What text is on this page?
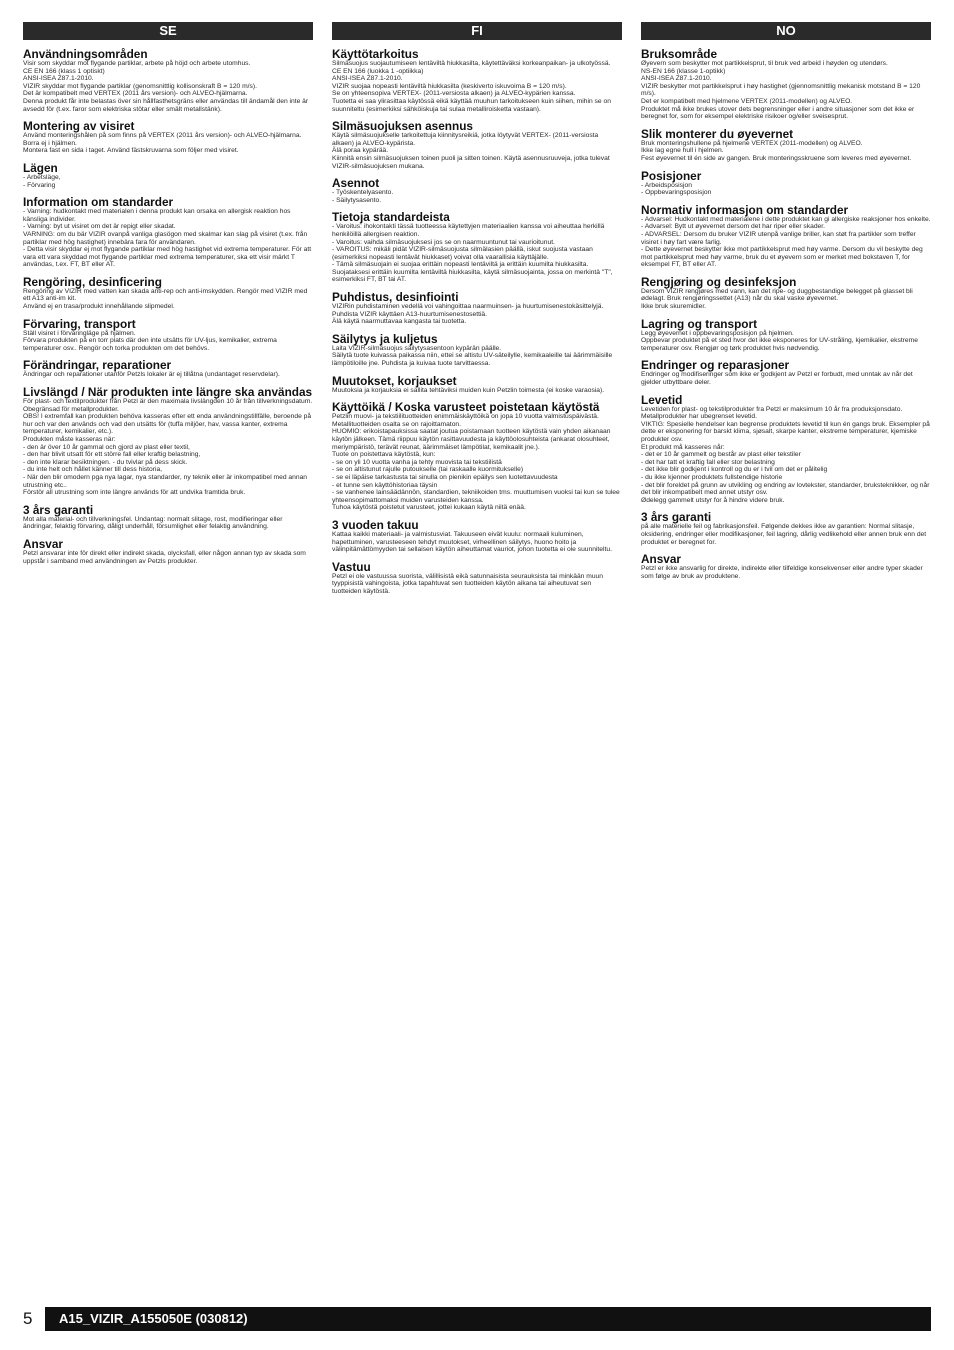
SE
Användningsområden

Visir som skyddar mot flygande partiklar, arbete på höjd och arbete utomhus.
CE EN 166 (klass 1 optiskt)
ANSI-ISEA Z87.1-2010.
VIZIR skyddar mot flygande partiklar (genomsnittlig kollisonskraft B = 120 m/s).
Det är kompatibelt med VERTEX (2011 års version)- och ALVEO-hjälmarna.
Denna produkt får inte belastas över sin hållfasthetsgräns eller användas till ändamål den inte är avsedd för (t.ex. faror som elektriska stötar eller smält metallstänk).

Montering av visiret

Använd monteringshålen på som finns på VERTEX (2011 års version)- och ALVEO-hjälmarna.
Borra ej i hjälmen.
Montera fast en sida i taget. Använd fästskruvarna som följer med visiret.

Lägen

- Arbetsläge,
- Förvaring

Information om standarder

- Varning: hudkontakt med materialen i denna produkt kan orsaka en allergisk reaktion hos känsliga individer.
- Varning: byt ut visiret om det är repigt eller skadat.
VARNING: om du bär VIZIR ovanpå vanliga glasögon med skalmar kan slag på visiret (t.ex. från partiklar med hög hastighet) innebära fara för användaren.
- Detta visir skyddar ej mot flygande partiklar med hög hastighet vid extrema temperaturer. För att vara ett vara skyddad mot flygande partiklar med extrema temperaturer, ska ett visir märkt T användas, t.ex. FT, BT eller AT.

Rengöring, desinficering

Rengöring av VIZIR med vatten kan skada anti-rep och anti-imskydden. Rengör med VIZIR med ett A13 anti-im kit.
Använd ej en trasa/produkt innehållande slipmedel.

Förvaring, transport

Ställ visiret i förvaringläge på hjälmen.
Förvara produkten på en torr plats där den inte utsätts för UV-ljus, kemikalier, extrema temperaturer osv.. Rengör och torka produkten om det behövs.

Förändringar, reparationer

Ändringar och reparationer utanför Petzls lokaler är ej tillåtna (undantaget reservdelar).

Livslängd / När produkten inte längre ska användas

För plast- och textilprodukter från Petzl är den maximala livslängden 10 år från tillverkningsdatum. Obegränsad för metallprodukter.
OBS! I extremfall kan produkten behöva kasseras efter ett enda användningstillfälle, beroende på hur och var den används och vad den utsätts för (tuffa miljöer, hav, vassa kanter, extrema temperaturer, kemikalier, etc.).
Produkten måste kasseras när:
- den är över 10 år gammal och gjord av plast eller textil,
- den har blivit utsatt för ett större fall eller kraftig belastning,
- den inte klarar besiktningen. - du tvivlar på dess skick.
- du inte helt och hållet känner till dess historia,
- När den blir omodern pga nya lagar, nya standarder, ny teknik eller är inkompatibel med annan utrustning etc..
Förstör all utrustning som inte längre används för att undvika framtida bruk.

3 års garanti

Mot alla material- och tillverkningsfel. Undantag: normalt slitage, rost, modifieringar eller ändringar, felaktig förvaring, dåligt underhåll, försumlighet eller felaktig användning.

Ansvar

Petzl ansvarar inte för direkt eller indirekt skada, olycksfall, eller någon annan typ av skada som uppstår i samband med användningen av Petzls produkter.

FI
Käyttötarkoitus

Silmäsuojus suojautumiseen lentäviltä hiukkasilta, käytettäväksi korkeanpaikan- ja ulkotyössä.
CE EN 166 (luokka 1 -optiikka)
ANSI-ISEA Z87.1-2010.
VIZIR suojaa nopeasti lentäviltä hiukkasilta (keskiverto iskuvoima B = 120 m/s).
Se on yhteensopiva VERTEX- (2011-versiosta alkaen) ja ALVEO-kypärien kanssa.
Tuotetta ei saa ylirasittaa käytössä eikä käyttää muuhun tarkoitukseen kuin siihen, mihin se on suunniteltu (esimerkiksi sähköiskuja tai sulaa metalliroisketta vastaan).

Silmäsuojuksen asennus

Käytä silmäsuojukselle tarkoitettuja kiinnitysreikiä, jotka löytyvät VERTEX- (2011-versiosta alkaen) ja ALVEO-kypärista.
Älä poraa kypärää.
Kiinnitä ensin silmäsuojuksen toinen puoli ja sitten toinen. Käytä asennusruuveja, jotka tulevat VIZIR-silmäsuojuksen mukana.

Asennot

- Työskentelyasento.
- Säilytysasento.

Tietoja standardeista

- Varoitus: ihokontakti tässä tuotteessa käytettyjen materiaalien kanssa voi aiheuttaa herkillä henkilöillä allergisen reaktion.
- Varoitus: vaihda silmäsuojuksesi jos se on naarmuuntunut tai vaurioitunut.
- VAROITUS: mikäli pidät VIZIR-silmäsuojusta silmälasien päällä, iskut suojusta vastaan (esimerkiksi nopeasti lentävät hiukkaset) voivat olla vaarallisia käyttäjälle.
- Tämä silmäsuojain ei suojaa erittäin nopeasti lentäviltä ja erittäin kuumilta hiukkasilta. Suojataksesi erittäin kuumilta lentäviltä hiukkasilta, käytä silmäsuojainta, jossa on merkintä "T", esimerkiksi FT, BT tai AT.

Puhdistus, desinfiointi

VIZIRin puhdistaminen vedellä voi vahingoittaa naarmuinsen- ja huurtumisenestokäsittelyjä. Puhdista VIZIR käyttäen A13-huurtumisenestosettiä.
Älä käytä naarmuttavaa kangasta tai tuotetta.

Säilytys ja kuljetus

Laita VIZIR-silmäsuojus säilytysasentoon kypärän päälle.
Säilytä tuote kuivassa paikassa niin, ettei se altistu UV-säteilylle, kemikaaleille tai äärimmäisille lämpötiloille jne. Puhdista ja kuivaa tuote tarvittaessa.

Muutokset, korjaukset

Muutoksia ja korjauksia ei sallita tehtäviksi muiden kuin Petzlin toimesta (ei koske varaosia).

Käyttöikä / Koska varusteet poistetaan käytöstä

Petzlin muovi- ja tekstiilituotteiden enimmäiskäyttöikä on jopa 10 vuotta valmistuspäivästä. Metallituotteiden osalta se on rajoittamaton.
HUOMIO: erikoistapauksissa saatat joutua poistamaan tuotteen käytöstä vain yhden aikanaan käytön jälkeen. Tämä riippuu käytön rasittavuudesta ja käyttöolosuhteista (ankarat olosuhteet, meriympäristö, terävät reunat, äärimmäiset lämpötilat, kemikaalit jne.).
Tuote on poistettava käytöstä, kun:
- se on yli 10 vuotta vanha ja tehty muovista tai tekstiilistä
- se on altistunut rajulle putoukselle (tai raskaalle kuormitukselle)
- se ei läpäise tarkastusta tai sinulla on pienikin epäilys sen luotettavuudesta
- et tunne sen käyttöhistoriaa täysin
- se vanhenee lainsäädännön, standardien, tekniikoiden tms. muuttumisen vuoksi tai kun se tulee yhteensopimattomaksi muiden varusteiden kanssa.
Tuhoa käytöstä poistetut varusteet, jottei kukaan käytä niitä enää.

3 vuoden takuu

Kattaa kaikki materiaali- ja valmistusviat. Takuuseen eivät kuulu: normaali kuluminen, hapettuminen, varusteeseen tehdyt muutokset, virheellinen säilytys, huono hoito ja välinpitämättömyyden tai sellaisen käytön aiheuttamat vauriot, johon tuotetta ei ole suunniteltu.

Vastuu

Petzl ei ole vastuussa suorista, välillisistä eikä satunnaisista seurauksista tai minkään muun tyyppisistä vahingoista, jotka tapahtuvat sen tuotteiden käytön aikana tai aiheutuvat sen tuotteiden käytöstä.

NO
Bruksområde

Øyevern som beskytter mot partikkelsprut, til bruk ved arbeid i høyden og utendørs.
NS-EN 166 (klasse 1-optikk)
ANSI-ISEA Z87.1-2010.
VIZIR beskytter mot partikkelsprut i høy hastighet (gjennomsnittlig mekanisk motstand B = 120 m/s).
Det er kompatibelt med hjelmene VERTEX (2011-modellen) og ALVEO.
Produktet må ikke brukes utover dets begrensninger eller i andre situasjoner som det ikke er beregnet for, som for eksempel elektriske risikoer og/eller sveisesprut.

Slik monterer du øyevernet

Bruk monteringshullene på hjelmene VERTEX (2011-modellen) og ALVEO.
Ikke lag egne hull i hjelmen.
Fest øyevernet til én side av gangen. Bruk monteringsskruene som leveres med øyevernet.

Posisjoner

- Arbeidsposisjon
- Oppbevaringsposisjon

Normativ informasjon om standarder

- Advarsel: Hudkontakt med materialene i dette produktet kan gi allergiske reaksjoner hos enkelte.
- Advarsel: Bytt ut øyevernet dersom det har riper eller skader.
- ADVARSEL: Dersom du bruker VIZIR utenpå vanlige briller, kan støt fra partikler som treffer visiret i høy fart være farlig.
- Dette øyevernet beskytter ikke mot partikkelsprut med høy varme. Dersom du vil beskytte deg mot partikkelsprut med høy varme, bruk du et øyevern som er merket med bokstaven T, for eksempel FT, BT eller AT.

Rengjøring og desinfeksjon

Dersom VIZIR rengjøres med vann, kan det ripe- og duggbestandige belegget på glasset bli ødelagt. Bruk rengjøringssettet (A13) når du skal vaske øyevernet.
Ikke bruk skuremidler.

Lagring og transport

Legg øyevernet i oppbevaringsposisjon på hjelmen.
Oppbevar produktet på et sted hvor det ikke eksponeres for UV-stråling, kjemikalier, ekstreme temperaturer osv. Rengjør og tørk produktet hvis nødvendig.

Endringer og reparasjoner

Endringer og modifiseringer som ikke er godkjent av Petzl er forbudt, med unntak av når det gjelder utbyttbare deler.

Levetid

Levetiden for plast- og tekstilprodukter fra Petzl er maksimum 10 år fra produksjonsdato. Metallprodukter har ubegrenset levetid.
VIKTIG: Spesielle hendelser kan begrense produktets levetid til kun én gangs bruk. Eksempler på dette er eksponering for barskt klima, sjøsalt, skarpe kanter, ekstreme temperaturer, kjemiske produkter osv.
Et produkt må kasseres når:
- det er 10 år gammelt og består av plast eller tekstiler
- det har tatt et kraftig fall eller stor belastning
- det ikke blir godkjent i kontroll og du er i tvil om det er pålitelig
- du ikke kjenner produktets fullstendige historie
- det blir foreldet på grunn av utvikling og endring av lovtekster, standarder, bruksteknikker, og når det blir inkompatibelt med annet utstyr osv.
Ødelegg gammelt utstyr for å hindre videre bruk.

3 års garanti

på alle materielle feil og fabrikasjonsfeil. Følgende dekkes ikke av garantien: Normal slitasje, oksidering, endringer eller modifikasjoner, feil lagring, dårlig vedlikehold eller annen bruk enn det produktet er beregnet for.

Ansvar

Petzl er ikke ansvarlig for direkte, indirekte eller tilfeldige konsekvenser eller andre typer skader som følge av bruk av produktene.

5	A15_VIZIR_A155050E (030812)
